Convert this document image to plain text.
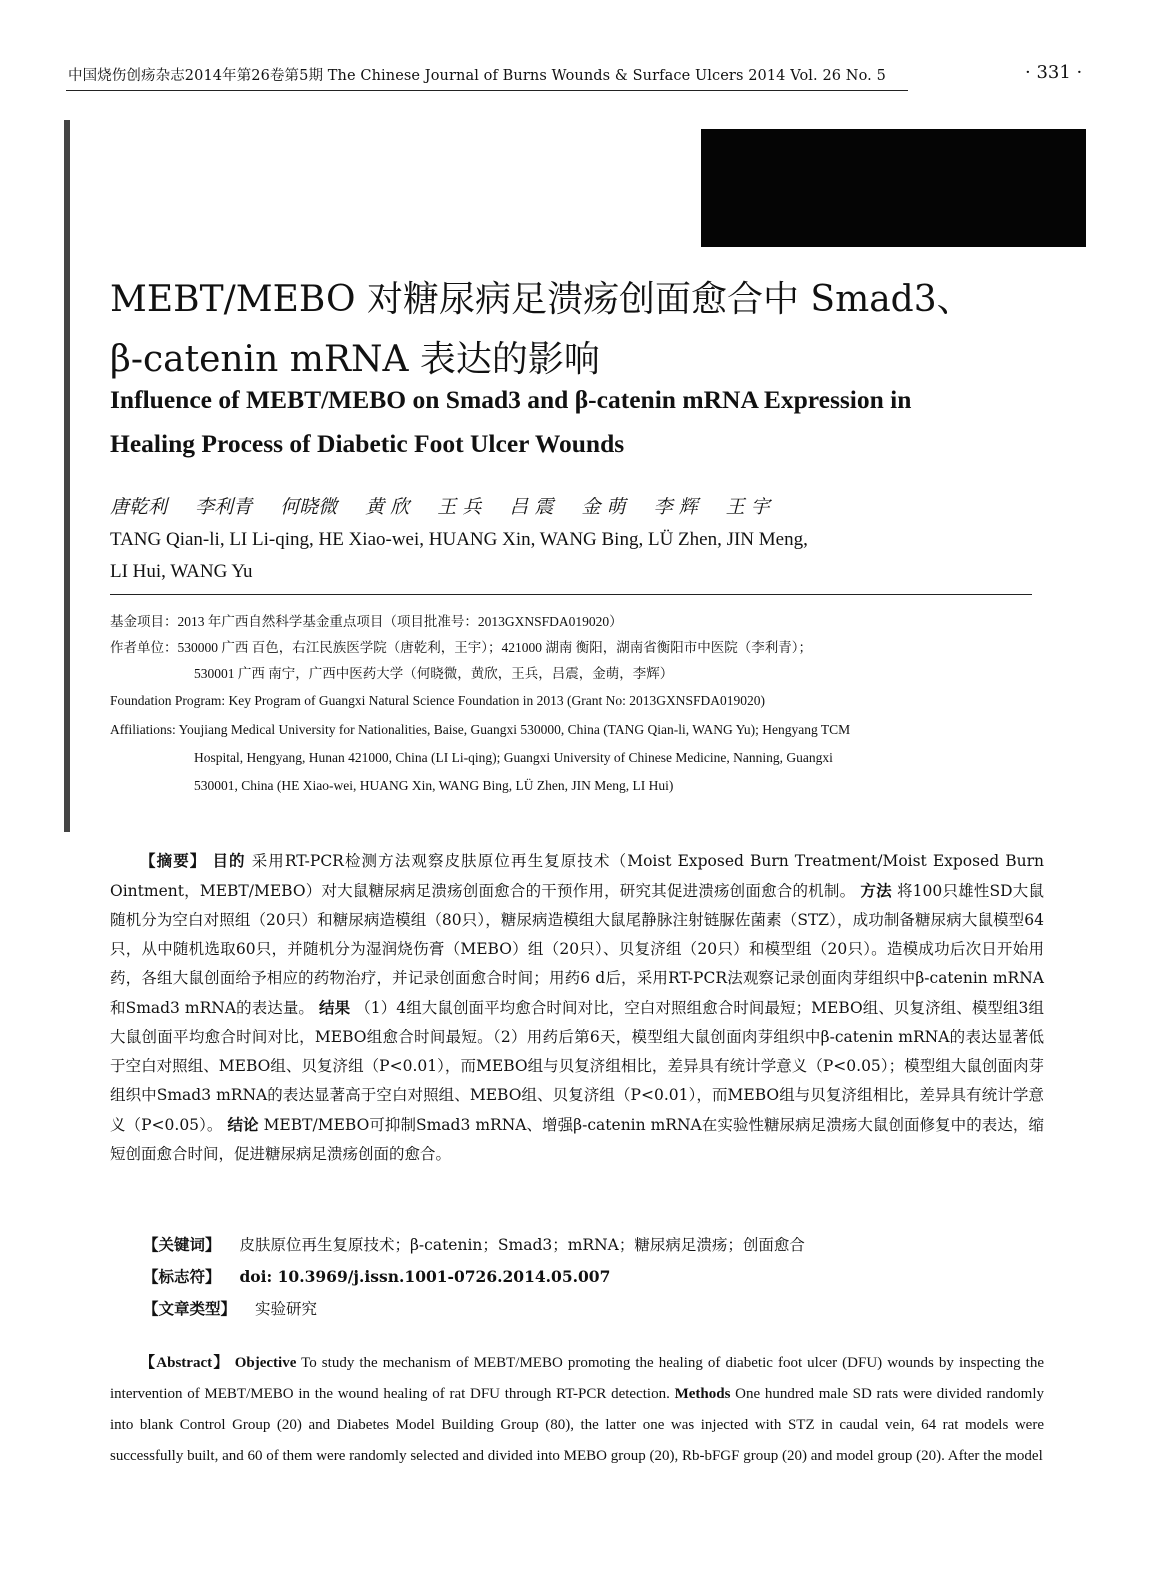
中国烧伤创疡杂志2014年第26卷第5期 The Chinese Journal of Burns Wounds & Surface Ulcers 2014 Vol. 26 No. 5	· 331 ·
MEBT/MEBO 对糖尿病足溃疡创面愈合中 Smad3、
β-catenin mRNA 表达的影响
Influence of MEBT/MEBO on Smad3 and β-catenin mRNA Expression in
Healing Process of Diabetic Foot Ulcer Wounds
唐乾利 李利青 何晓微 黄 欣 王 兵 吕 震 金 萌 李 辉 王 宇
TANG Qian-li, LI Li-qing, HE Xiao-wei, HUANG Xin, WANG Bing, LÜ Zhen, JIN Meng,
LI Hui, WANG Yu
基金项目：2013 年广西自然科学基金重点项目（项目批准号：2013GXNSFDA019020）
作者单位：530000 广西 百色，右江民族医学院（唐乾利，王宇）；421000 湖南 衡阳，湖南省衡阳市中医院（李利青）；
530001 广西 南宁，广西中医药大学（何晓微，黄欣，王兵，吕震，金萌，李辉）
Foundation Program: Key Program of Guangxi Natural Science Foundation in 2013 (Grant No: 2013GXNSFDA019020)
Affiliations: Youjiang Medical University for Nationalities, Baise, Guangxi 530000, China (TANG Qian-li, WANG Yu); Hengyang TCM
Hospital, Hengyang, Hunan 421000, China (LI Li-qing); Guangxi University of Chinese Medicine, Nanning, Guangxi
530001, China (HE Xiao-wei, HUANG Xin, WANG Bing, LÜ Zhen, JIN Meng, LI Hui)
【摘要】 目的 采用RT-PCR检测方法观察皮肤原位再生复原技术（Moist Exposed Burn Treatment/Moist Exposed Burn Ointment，MEBT/MEBO）对大鼠糖尿病足溃疡创面愈合的干预作用，研究其促进溃疡创面愈合的机制。 方法 将100只雄性SD大鼠随机分为空白对照组（20只）和糖尿病造模组（80只），糖尿病造模组大鼠尾静脉注射链脲佐菌素（STZ），成功制备糖尿病大鼠模型64只，从中随机选取60只，并随机分为湿润烧伤膏（MEBO）组（20只）、贝复济组（20只）和模型组（20只）。造模成功后次日开始用药，各组大鼠创面给予相应的药物治疗，并记录创面愈合时间；用药6 d后，采用RT-PCR法观察记录创面肉芽组织中β-catenin mRNA和Smad3 mRNA的表达量。 结果 （1）4组大鼠创面平均愈合时间对比，空白对照组愈合时间最短；MEBO组、贝复济组、模型组3组大鼠创面平均愈合时间对比，MEBO组愈合时间最短。（2）用药后第6天，模型组大鼠创面肉芽组织中β-catenin mRNA的表达显著低于空白对照组、MEBO组、贝复济组（P<0.01），而MEBO组与贝复济组相比，差异具有统计学意义（P<0.05）；模型组大鼠创面肉芽组织中Smad3 mRNA的表达显著高于空白对照组、MEBO组、贝复济组（P<0.01），而MEBO组与贝复济组相比，差异具有统计学意义（P<0.05）。 结论 MEBT/MEBO可抑制Smad3 mRNA、增强β-catenin mRNA在实验性糖尿病足溃疡大鼠创面修复中的表达，缩短创面愈合时间，促进糖尿病足溃疡创面的愈合。
【关键词】 皮肤原位再生复原技术；β-catenin；Smad3；mRNA；糖尿病足溃疡；创面愈合
【标志符】 doi: 10.3969/j.issn.1001-0726.2014.05.007
【文章类型】 实验研究
【Abstract】 Objective To study the mechanism of MEBT/MEBO promoting the healing of diabetic foot ulcer (DFU) wounds by inspecting the intervention of MEBT/MEBO in the wound healing of rat DFU through RT-PCR detection. Methods One hundred male SD rats were divided randomly into blank Control Group (20) and Diabetes Model Building Group (80), the latter one was injected with STZ in caudal vein, 64 rat models were successfully built, and 60 of them were randomly selected and divided into MEBO group (20), Rb-bFGF group (20) and model group (20). After the model
